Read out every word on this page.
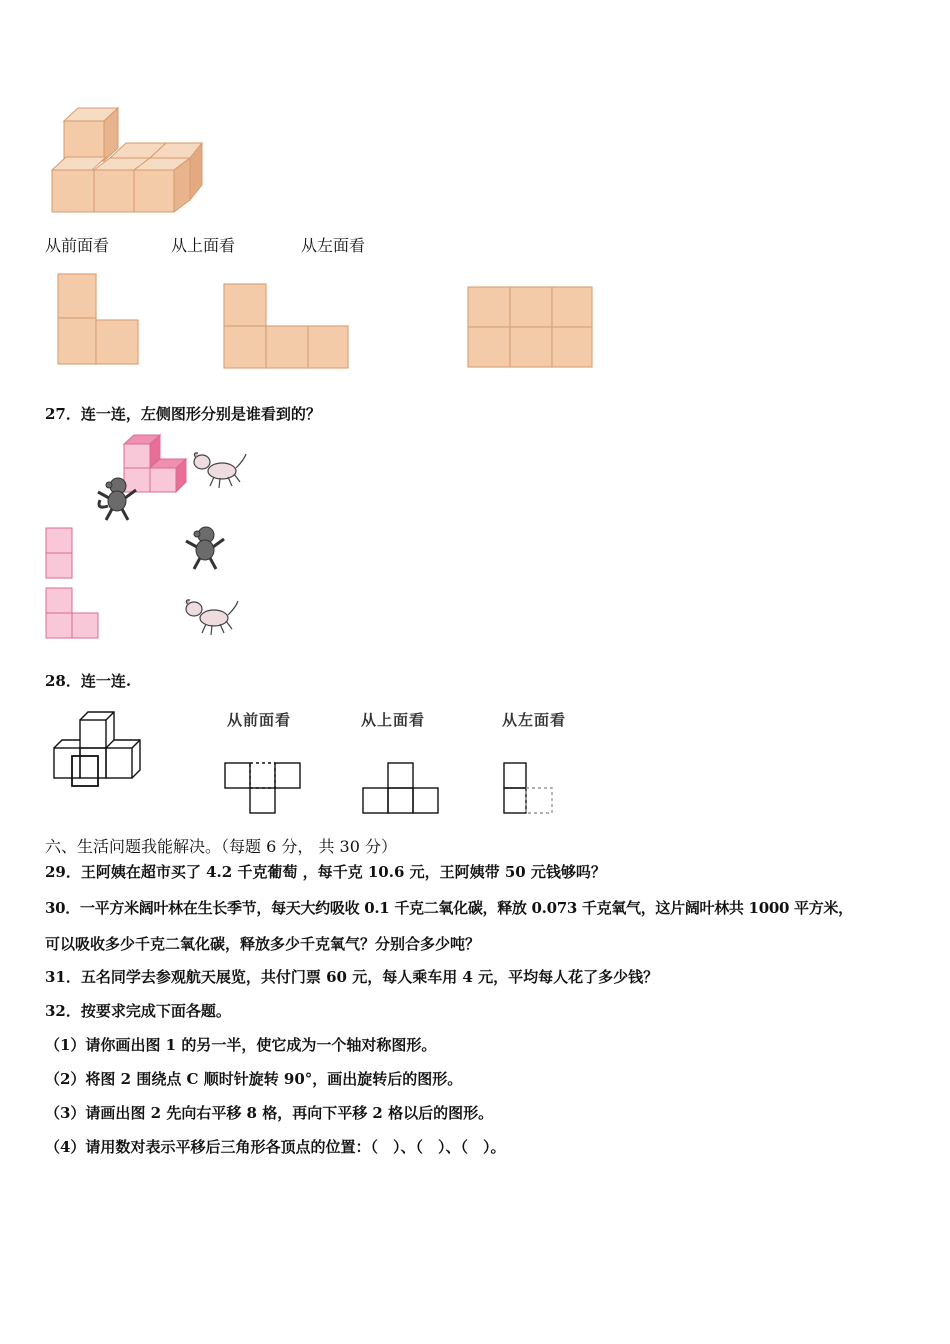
从前面看	从上面看	从左面看
27．连一连，左侧图形分别是谁看到的？
28．连一连.
从前面看	从上面看	从左面看
六、生活问题我能解决。（每题 6 分， 共 30 分）
29．王阿姨在超市买了 4.2 千克葡萄 ，每千克 10.6 元，王阿姨带 50 元钱够吗？
30．一平方米阔叶林在生长季节，每天大约吸收 0.1 千克二氧化碳，释放 0.073 千克氧气，这片阔叶林共 1000 平方米，
可以吸收多少千克二氧化碳，释放多少千克氧气？分别合多少吨？
31．五名同学去参观航天展览，共付门票 60 元，每人乘车用 4 元，平均每人花了多少钱？
32．按要求完成下面各题。
（1）请你画出图 1 的另一半，使它成为一个轴对称图形。
（2）将图 2 围绕点 C 顺时针旋转 90°，画出旋转后的图形。
（3）请画出图 2 先向右平移 8 格，再向下平移 2 格以后的图形。
（4）请用数对表示平移后三角形各顶点的位置：（　）、（　）、（　）。
